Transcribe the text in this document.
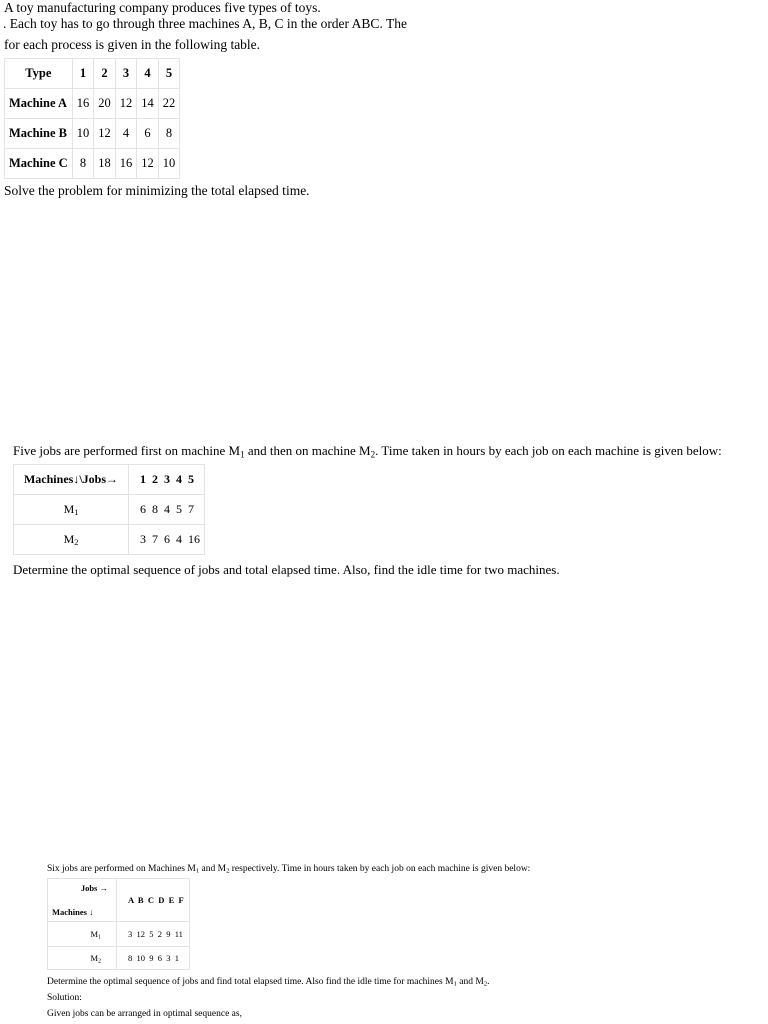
A toy manufacturing company produces five types of toys.
. Each toy has to go through three machines A, B, C in the order ABC. The
for each process is given in the following table.
Type	1	2	3	4	5
Machine A	16	20	12	14	22
Machine B	10	12	4	6	8
Machine C	8	18	16	12	10
Solve the problem for minimizing the total elapsed time.
Five jobs are performed first on machine $M_1$ and then on machine $M_2$. Time taken in hours by each job on each machine is given below:
Machines↓\Jobs→	1  2  3  4  5
$M_1$	6  8  4  5  7
$M_2$	3  7  6  4  16
Determine the optimal sequence of jobs and total elapsed time. Also, find the idle time for two machines.
Six jobs are performed on Machines $M_1$ and $M_2$ respectively. Time in hours taken by each job on each machine is given below:
Jobs →
Machines ↓	A  B  C  D  E  F
$M_1$	3  12  5  2  9  11
$M_2$	8  10  9  6  3  1
Determine the optimal sequence of jobs and find total elapsed time. Also find the idle time for machines $M_1$ and $M_2$.
Solution:
Given jobs can be arranged in optimal sequence as,
